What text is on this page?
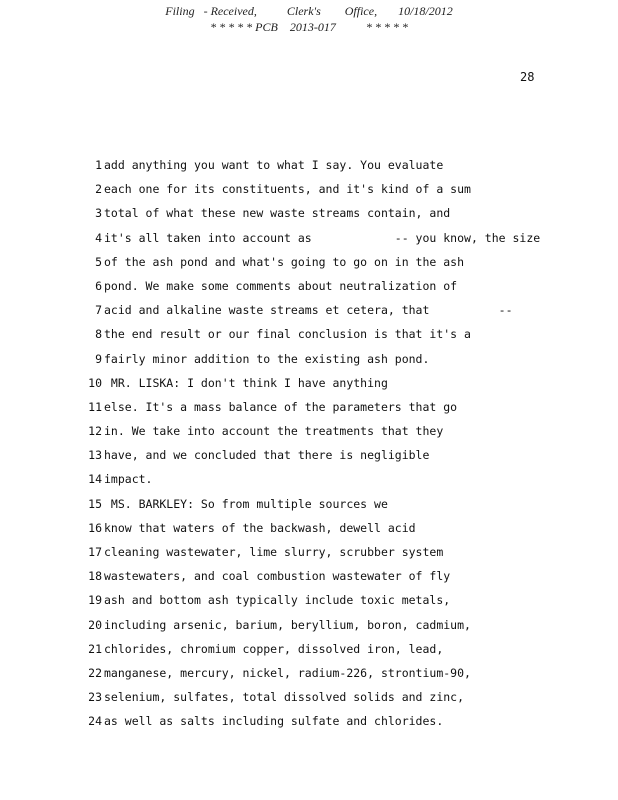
Filing   - Received,          Clerk's        Office,       10/18/2012
* * * * * PCB    2013-017          * * * * *
28
1 add anything you want to what I say. You evaluate
2 each one for its constituents, and it's kind of a sum
3 total of what these new waste streams contain, and
4 it's all taken into account as            -- you know, the size
5 of the ash pond and what's going to go on in the ash
6 pond. We make some comments about neutralization of
7 acid and alkaline waste streams et cetera, that          --
8 the end result or our final conclusion is that it's a
9 fairly minor addition to the existing ash pond.
10 MR. LISKA: I don't think I have anything
11 else. It's a mass balance of the parameters that go
12 in. We take into account the treatments that they
13 have, and we concluded that there is negligible
14 impact.
15 MS. BARKLEY: So from multiple sources we
16 know that waters of the backwash, dewell acid
17 cleaning wastewater, lime slurry, scrubber system
18 wastewaters, and coal combustion wastewater of fly
19 ash and bottom ash typically include toxic metals,
20 including arsenic, barium, beryllium, boron, cadmium,
21 chlorides, chromium copper, dissolved iron, lead,
22 manganese, mercury, nickel, radium-226, strontium-90,
23 selenium, sulfates, total dissolved solids and zinc,
24 as well as salts including sulfate and chlorides.
